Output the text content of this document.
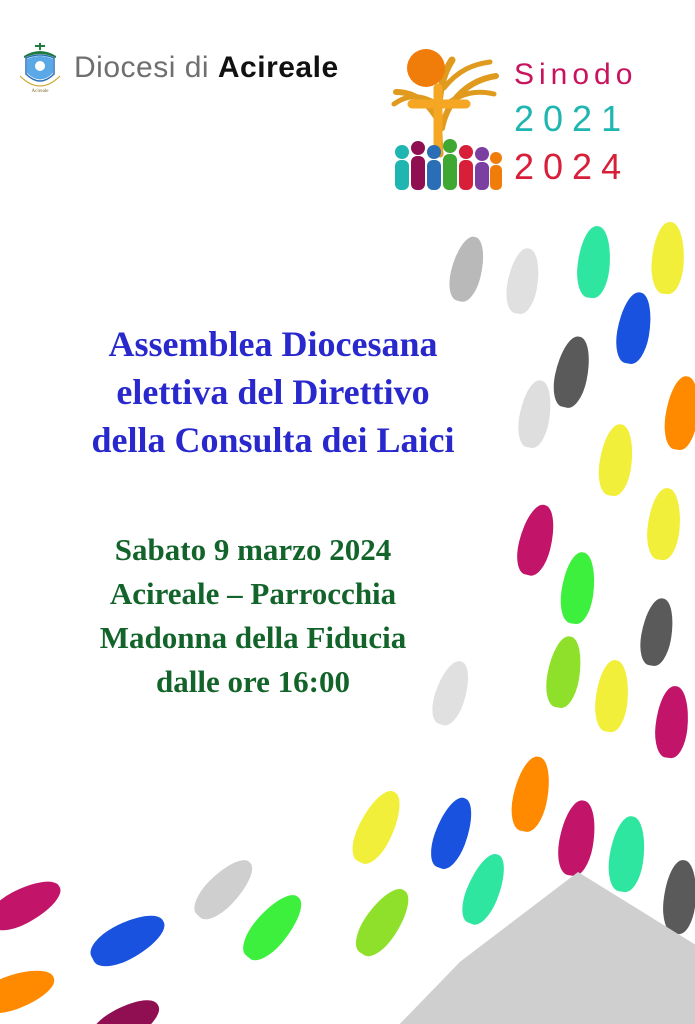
Acireale
Diocesi di Acireale	Sinodo
2021
2024
Assemblea Diocesana
elettiva del Direttivo
della Consulta dei Laici
Sabato 9 marzo 2024
Acireale – Parrocchia
Madonna della Fiducia
dalle ore 16:00
